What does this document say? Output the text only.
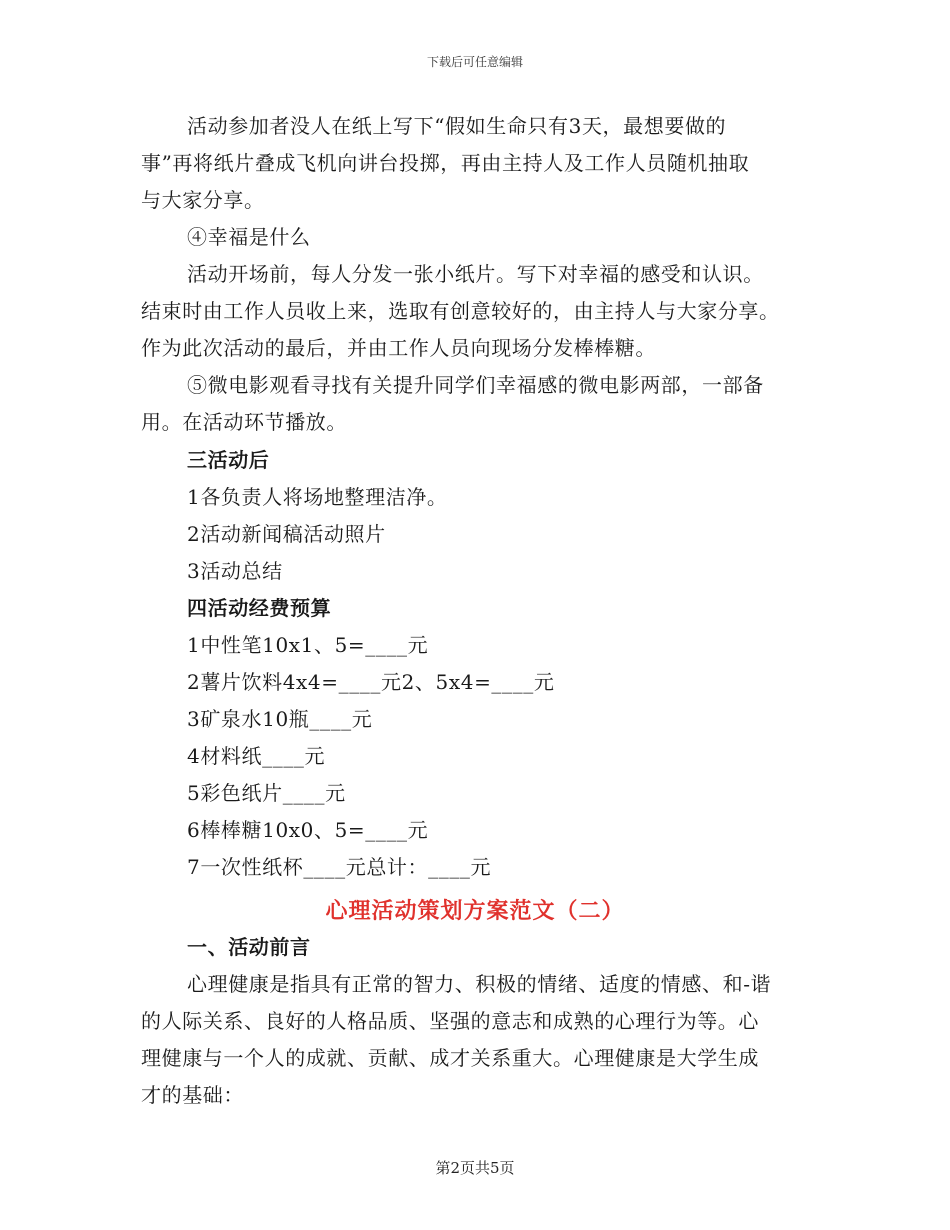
下载后可任意编辑
活动参加者没人在纸上写下“假如生命只有3天，最想要做的
事”再将纸片叠成飞机向讲台投掷，再由主持人及工作人员随机抽取
与大家分享。
④幸福是什么
活动开场前，每人分发一张小纸片。写下对幸福的感受和认识。
结束时由工作人员收上来，选取有创意较好的，由主持人与大家分享。
作为此次活动的最后，并由工作人员向现场分发棒棒糖。
⑤微电影观看寻找有关提升同学们幸福感的微电影两部，一部备
用。在活动环节播放。
三活动后
1各负责人将场地整理洁净。
2活动新闻稿活动照片
3活动总结
四活动经费预算
1中性笔10x1、5=____元
2薯片饮料4x4=____元2、5x4=____元
3矿泉水10瓶____元
4材料纸____元
5彩色纸片____元
6棒棒糖10x0、5=____元
7一次性纸杯____元总计：____元
心理活动策划方案范文（二）
一、活动前言
心理健康是指具有正常的智力、积极的情绪、适度的情感、和-谐
的人际关系、良好的人格品质、坚强的意志和成熟的心理行为等。心
理健康与一个人的成就、贡献、成才关系重大。心理健康是大学生成
才的基础：
第2页共5页
